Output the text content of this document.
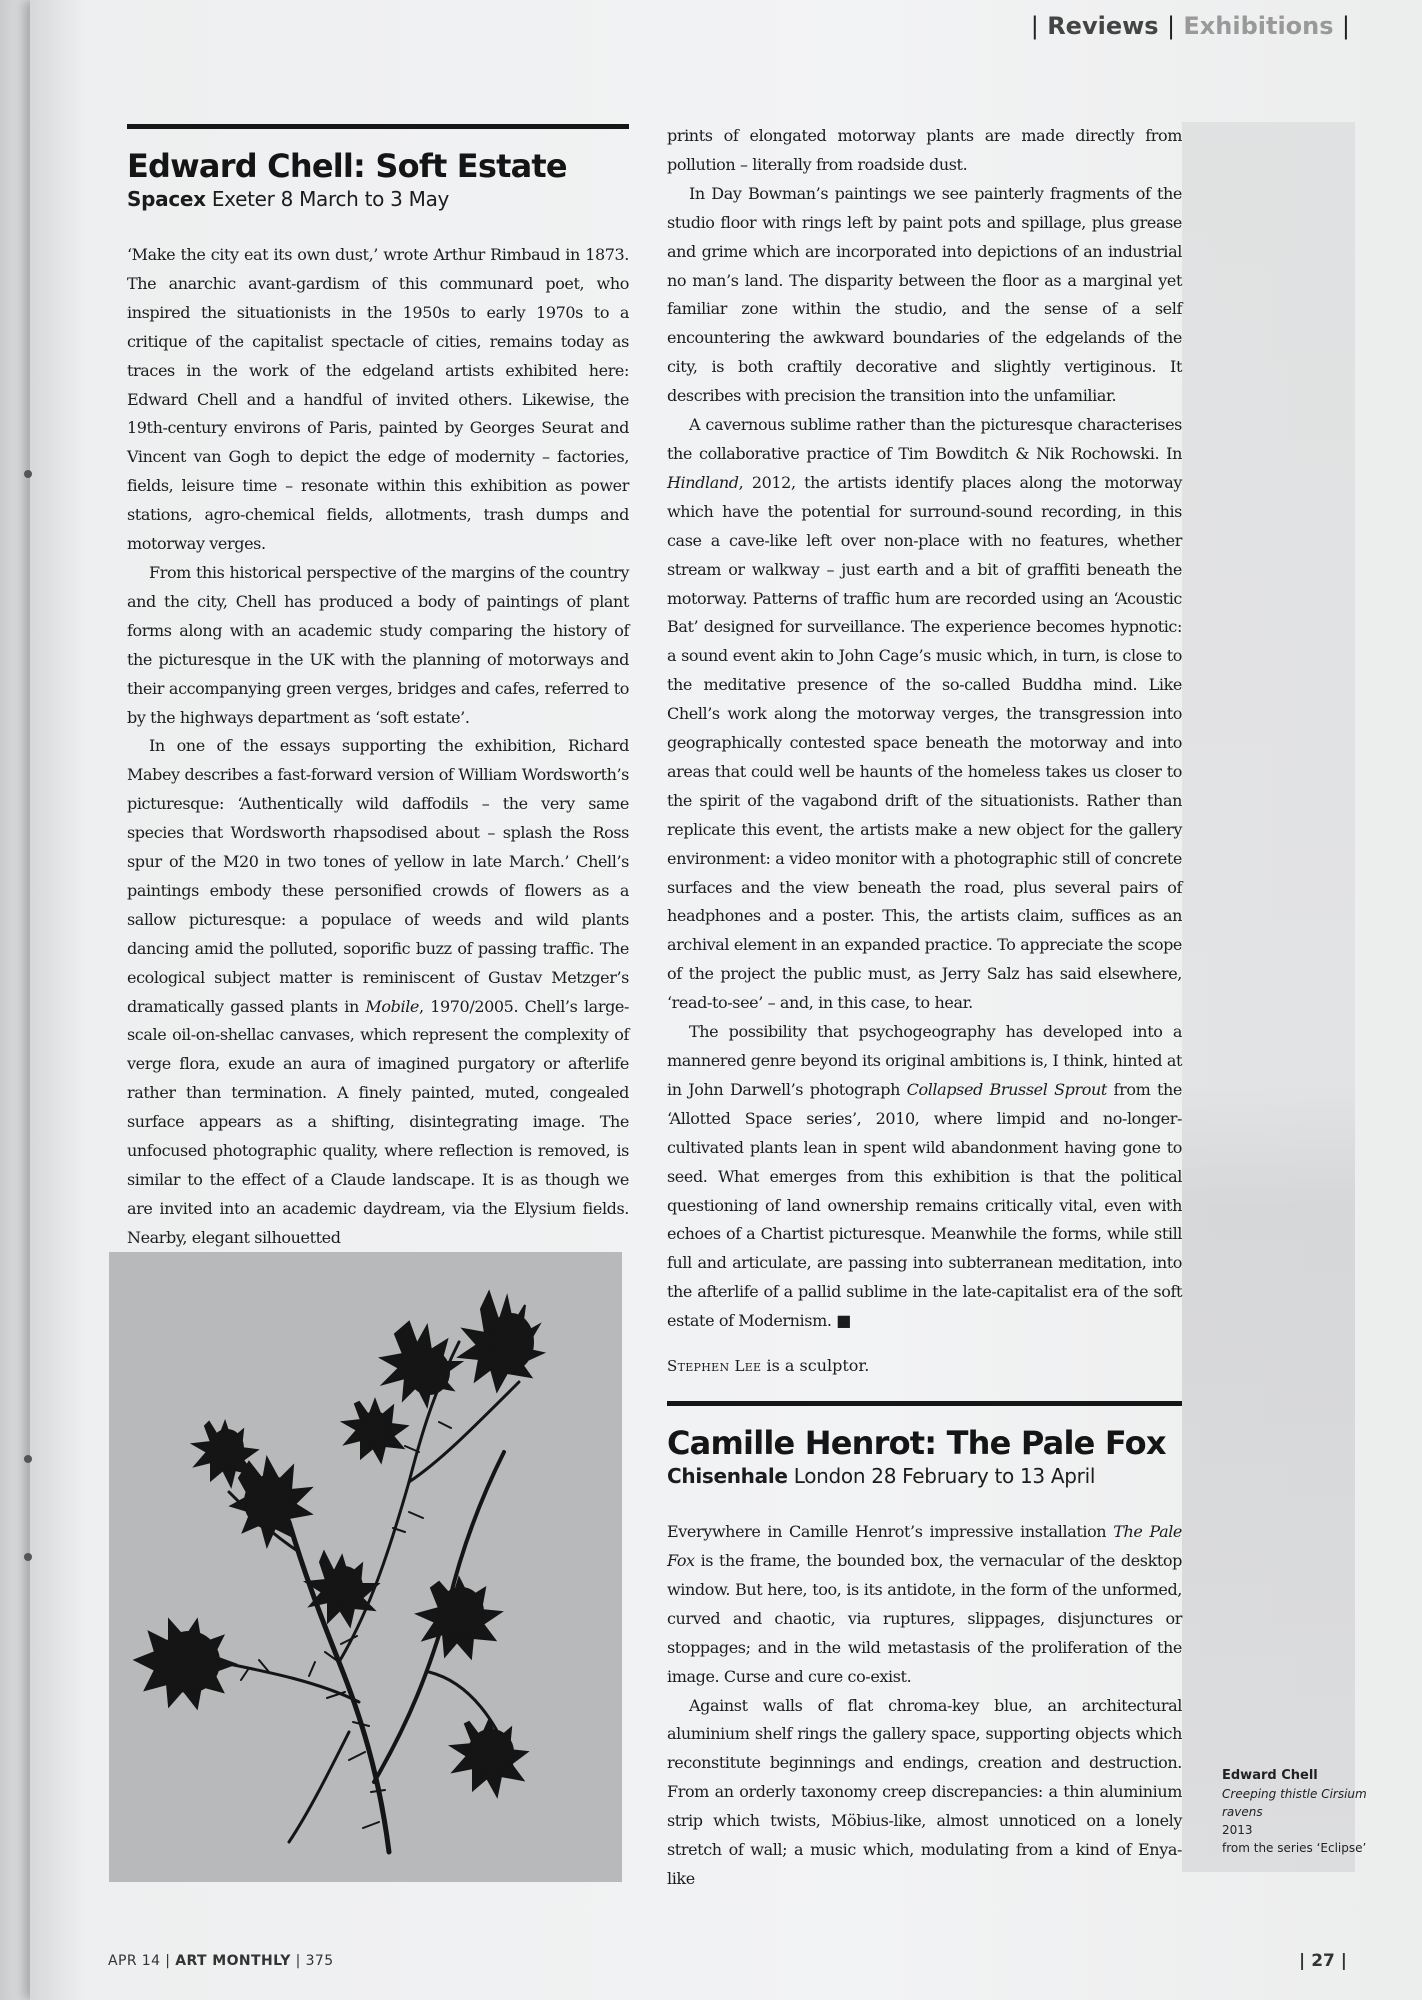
| Reviews | Exhibitions |
Edward Chell: Soft Estate
Spacex Exeter 8 March to 3 May

‘Make the city eat its own dust,’ wrote Arthur Rimbaud in 1873. The anarchic avant-gardism of this communard poet, who inspired the situationists in the 1950s to early 1970s to a critique of the capitalist spectacle of cities, remains today as traces in the work of the edgeland artists exhibited here: Edward Chell and a handful of invited others. Likewise, the 19th-century environs of Paris, painted by Georges Seurat and Vincent van Gogh to depict the edge of modernity – factories, fields, leisure time – resonate within this exhibition as power stations, agro-chemical fields, allotments, trash dumps and motorway verges.

From this historical perspective of the margins of the country and the city, Chell has produced a body of paintings of plant forms along with an academic study comparing the history of the picturesque in the UK with the planning of motorways and their accompanying green verges, bridges and cafes, referred to by the highways department as ‘soft estate’.

In one of the essays supporting the exhibition, Richard Mabey describes a fast-forward version of William Wordsworth’s picturesque: ‘Authentically wild daffodils – the very same species that Wordsworth rhapsodised about – splash the Ross spur of the M20 in two tones of yellow in late March.’ Chell’s paintings embody these personified crowds of flowers as a sallow picturesque: a populace of weeds and wild plants dancing amid the polluted, soporific buzz of passing traffic. The ecological subject matter is reminiscent of Gustav Metzger’s dramatically gassed plants in Mobile, 1970/2005. Chell’s large-scale oil-on-shellac canvases, which represent the complexity of verge flora, exude an aura of imagined purgatory or afterlife rather than termination. A finely painted, muted, congealed surface appears as a shifting, disintegrating image. The unfocused photographic quality, where reflection is removed, is similar to the effect of a Claude landscape. It is as though we are invited into an academic daydream, via the Elysium fields. Nearby, elegant silhouetted

prints of elongated motorway plants are made directly from pollution – literally from roadside dust.

In Day Bowman’s paintings we see painterly fragments of the studio floor with rings left by paint pots and spillage, plus grease and grime which are incorporated into depictions of an industrial no man’s land. The disparity between the floor as a marginal yet familiar zone within the studio, and the sense of a self encountering the awkward boundaries of the edgelands of the city, is both craftily decorative and slightly vertiginous. It describes with precision the transition into the unfamiliar.

A cavernous sublime rather than the picturesque characterises the collaborative practice of Tim Bowditch & Nik Rochowski. In Hindland, 2012, the artists identify places along the motorway which have the potential for surround-sound recording, in this case a cave-like left over non-place with no features, whether stream or walkway – just earth and a bit of graffiti beneath the motorway. Patterns of traffic hum are recorded using an ‘Acoustic Bat’ designed for surveillance. The experience becomes hypnotic: a sound event akin to John Cage’s music which, in turn, is close to the meditative presence of the so-called Buddha mind. Like Chell’s work along the motorway verges, the transgression into geographically contested space beneath the motorway and into areas that could well be haunts of the homeless takes us closer to the spirit of the vagabond drift of the situationists. Rather than replicate this event, the artists make a new object for the gallery environment: a video monitor with a photographic still of concrete surfaces and the view beneath the road, plus several pairs of headphones and a poster. This, the artists claim, suffices as an archival element in an expanded practice. To appreciate the scope of the project the public must, as Jerry Salz has said elsewhere, ‘read-to-see’ – and, in this case, to hear.

The possibility that psychogeography has developed into a mannered genre beyond its original ambitions is, I think, hinted at in John Darwell’s photograph Collapsed Brussel Sprout from the ‘Allotted Space series’, 2010, where limpid and no-longer-cultivated plants lean in spent wild abandonment having gone to seed. What emerges from this exhibition is that the political questioning of land ownership remains critically vital, even with echoes of a Chartist picturesque. Meanwhile the forms, while still full and articulate, are passing into subterranean meditation, into the afterlife of a pallid sublime in the late-capitalist era of the soft estate of Modernism. ■

Stephen Lee is a sculptor.
Camille Henrot: The Pale Fox
Chisenhale London 28 February to 13 April

Everywhere in Camille Henrot’s impressive installation The Pale Fox is the frame, the bounded box, the vernacular of the desktop window. But here, too, is its antidote, in the form of the unformed, curved and chaotic, via ruptures, slippages, disjunctures or stoppages; and in the wild metastasis of the proliferation of the image. Curse and cure co-exist.

Against walls of flat chroma-key blue, an architectural aluminium shelf rings the gallery space, supporting objects which reconstitute beginnings and endings, creation and destruction. From an orderly taxonomy creep discrepancies: a thin aluminium strip which twists, Möbius-like, almost unnoticed on a lonely stretch of wall; a music which, modulating from a kind of Enya-like

Edward Chell
Creeping thistle Cirsium ravens
2013
from the series ‘Eclipse’
APR 14 | ART MONTHLY | 375	| 27 |
